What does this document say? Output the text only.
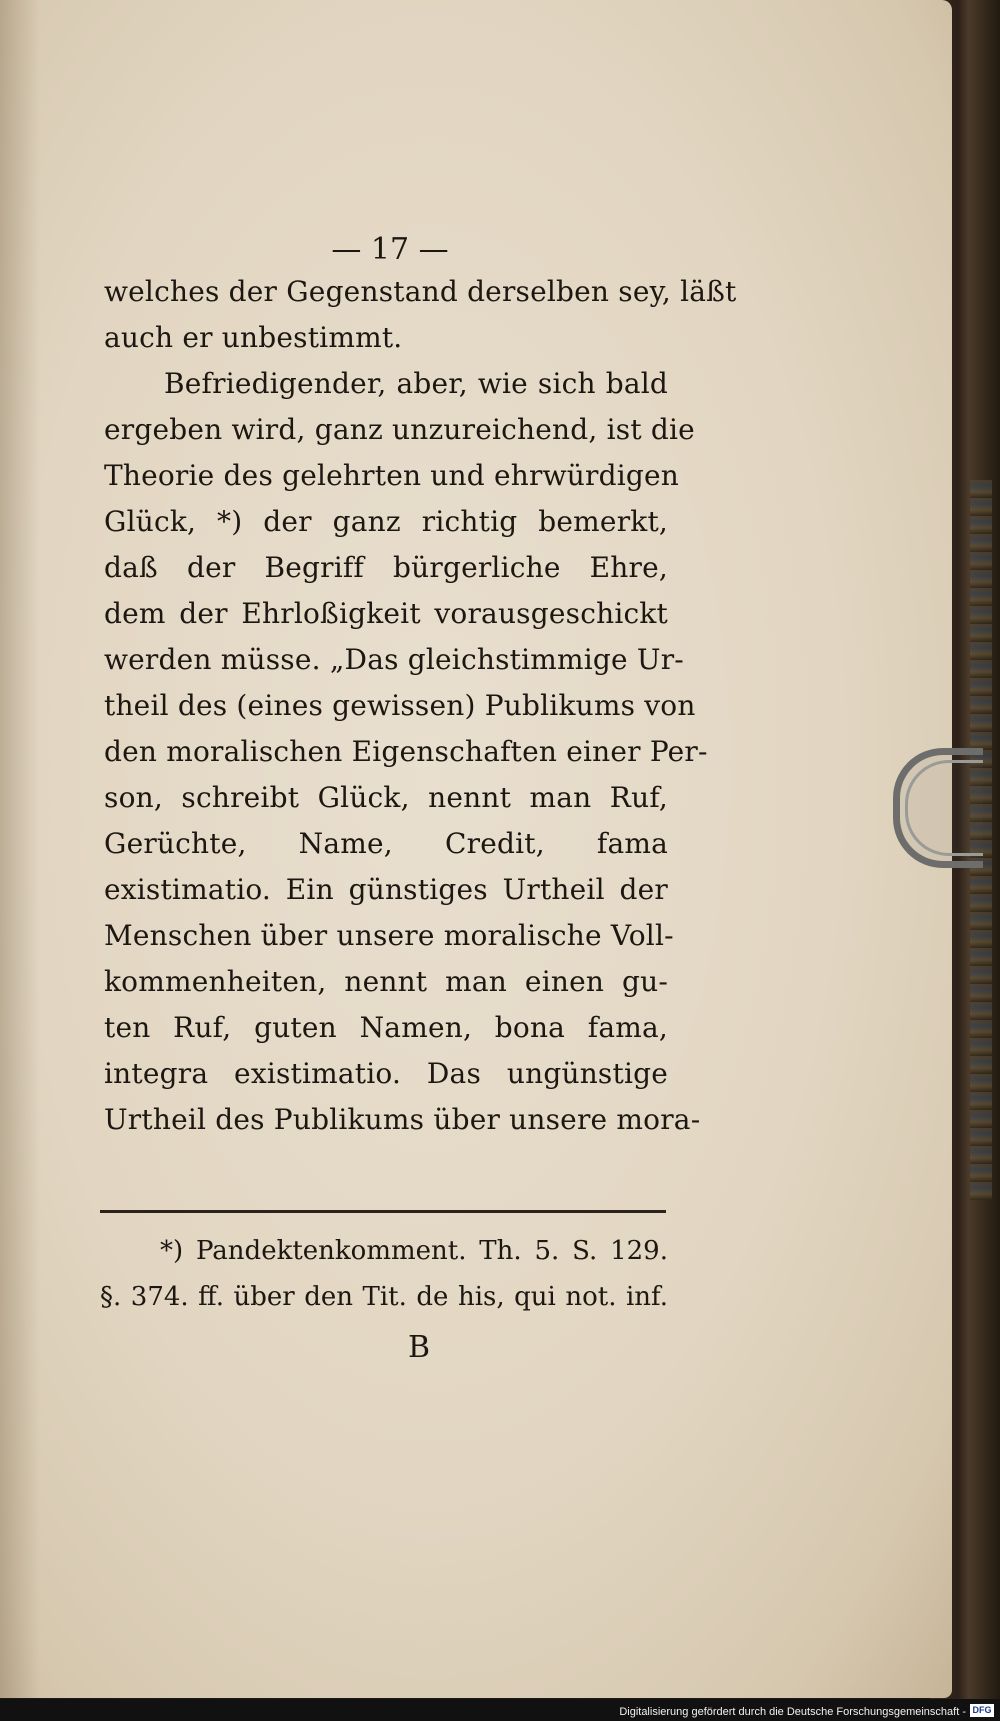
— 17 —
welches der Gegenstand derselben sey, läßt
auch er unbestimmt.
Befriedigender, aber, wie sich bald
ergeben wird, ganz unzureichend, ist die
Theorie des gelehrten und ehrwürdigen
Glück, *) der ganz richtig bemerkt,
daß der Begriff bürgerliche Ehre,
dem der Ehrloßigkeit vorausgeschickt
werden müsse. „Das gleichstimmige Ur-
theil des (eines gewissen) Publikums von
den moralischen Eigenschaften einer Per-
son, schreibt Glück, nennt man Ruf,
Gerüchte, Name, Credit, fama
existimatio. Ein günstiges Urtheil der
Menschen über unsere moralische Voll-
kommenheiten, nennt man einen gu-
ten Ruf, guten Namen, bona fama,
integra existimatio. Das ungünstige
Urtheil des Publikums über unsere mora-
*) Pandektenkomment. Th. 5. S. 129.
§. 374. ff. über den Tit. de his, qui not. inf.
B
Digitalisierung gefördert durch die Deutsche Forschungsgemeinschaft - DFG
